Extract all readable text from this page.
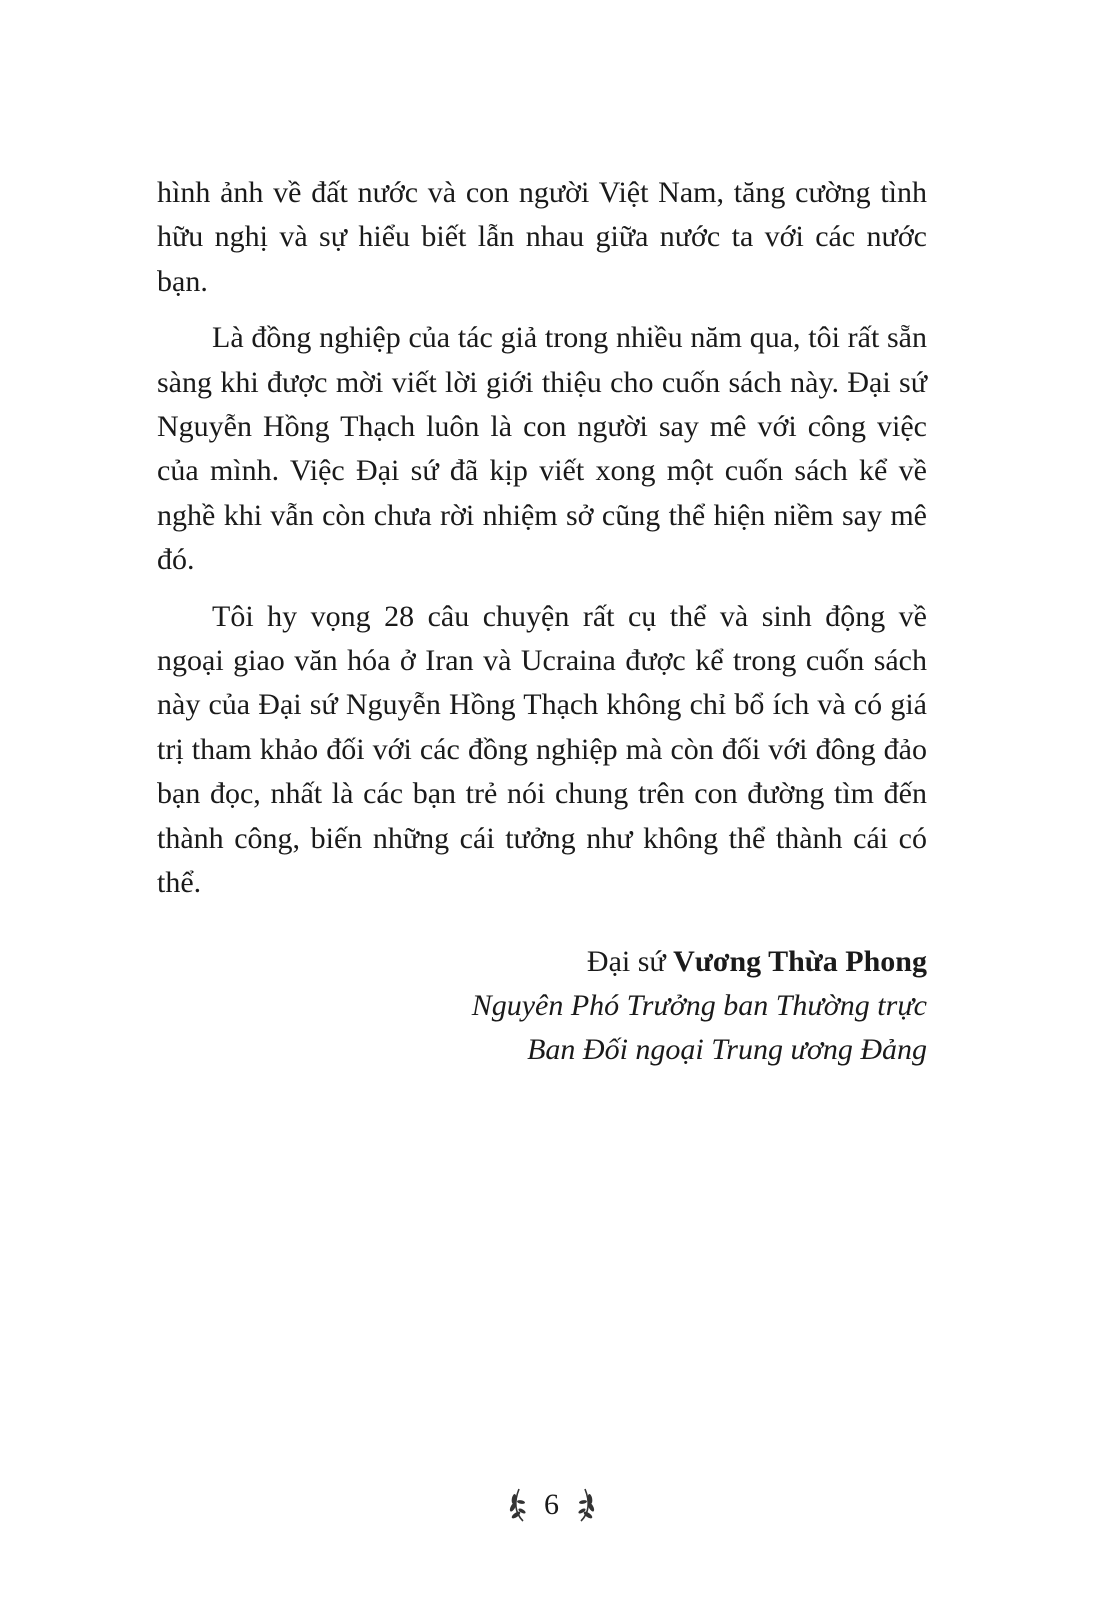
hình ảnh về đất nước và con người Việt Nam, tăng cường tình hữu nghị và sự hiểu biết lẫn nhau giữa nước ta với các nước bạn.

Là đồng nghiệp của tác giả trong nhiều năm qua, tôi rất sẵn sàng khi được mời viết lời giới thiệu cho cuốn sách này. Đại sứ Nguyễn Hồng Thạch luôn là con người say mê với công việc của mình. Việc Đại sứ đã kịp viết xong một cuốn sách kể về nghề khi vẫn còn chưa rời nhiệm sở cũng thể hiện niềm say mê đó.

Tôi hy vọng 28 câu chuyện rất cụ thể và sinh động về ngoại giao văn hóa ở Iran và Ucraina được kể trong cuốn sách này của Đại sứ Nguyễn Hồng Thạch không chỉ bổ ích và có giá trị tham khảo đối với các đồng nghiệp mà còn đối với đông đảo bạn đọc, nhất là các bạn trẻ nói chung trên con đường tìm đến thành công, biến những cái tưởng như không thể thành cái có thể.

Đại sứ Vương Thừa Phong

Nguyên Phó Trưởng ban Thường trực

Ban Đối ngoại Trung ương Đảng

6
